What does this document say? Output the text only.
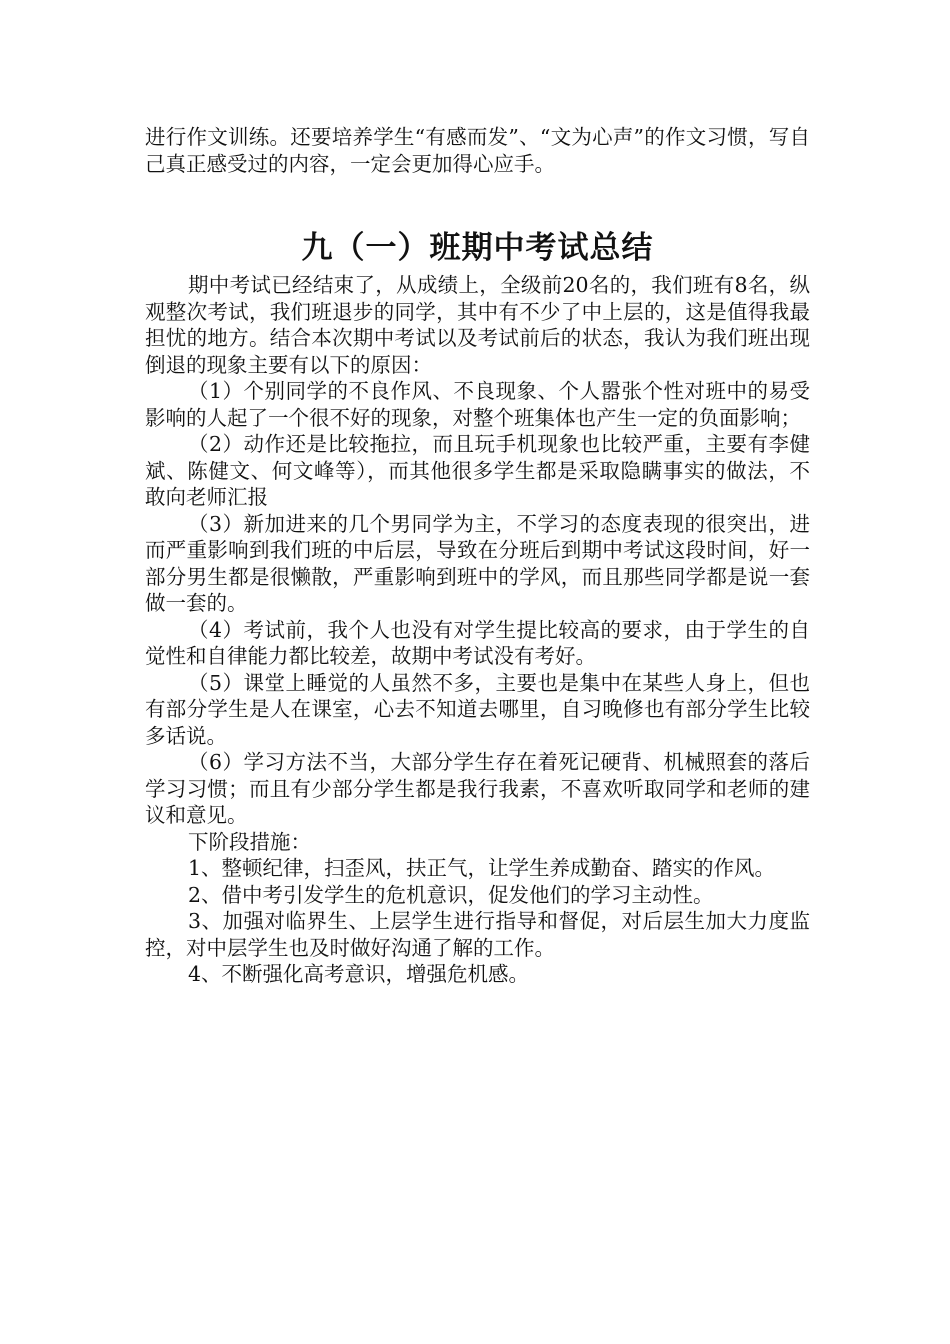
进行作文训练。还要培养学生“有感而发”、“文为心声”的作文习惯，写自己真正感受过的内容，一定会更加得心应手。

九（一）班期中考试总结

期中考试已经结束了，从成绩上，全级前20名的，我们班有8名，纵观整次考试，我们班退步的同学，其中有不少了中上层的，这是值得我最担忧的地方。结合本次期中考试以及考试前后的状态，我认为我们班出现倒退的现象主要有以下的原因：

（1）个别同学的不良作风、不良现象、个人嚣张个性对班中的易受影响的人起了一个很不好的现象，对整个班集体也产生一定的负面影响；

（2）动作还是比较拖拉，而且玩手机现象也比较严重，主要有李健斌、陈健文、何文峰等），而其他很多学生都是采取隐瞒事实的做法，不敢向老师汇报

（3）新加进来的几个男同学为主，不学习的态度表现的很突出，进而严重影响到我们班的中后层，导致在分班后到期中考试这段时间，好一部分男生都是很懒散，严重影响到班中的学风，而且那些同学都是说一套做一套的。

（4）考试前，我个人也没有对学生提比较高的要求，由于学生的自觉性和自律能力都比较差，故期中考试没有考好。

（5）课堂上睡觉的人虽然不多，主要也是集中在某些人身上，但也有部分学生是人在课室，心去不知道去哪里，自习晚修也有部分学生比较多话说。

（6）学习方法不当，大部分学生存在着死记硬背、机械照套的落后学习习惯；而且有少部分学生都是我行我素，不喜欢听取同学和老师的建议和意见。

下阶段措施：

1、整顿纪律，扫歪风，扶正气，让学生养成勤奋、踏实的作风。

2、借中考引发学生的危机意识，促发他们的学习主动性。

3、加强对临界生、上层学生进行指导和督促，对后层生加大力度监控，对中层学生也及时做好沟通了解的工作。

4、不断强化高考意识，增强危机感。
